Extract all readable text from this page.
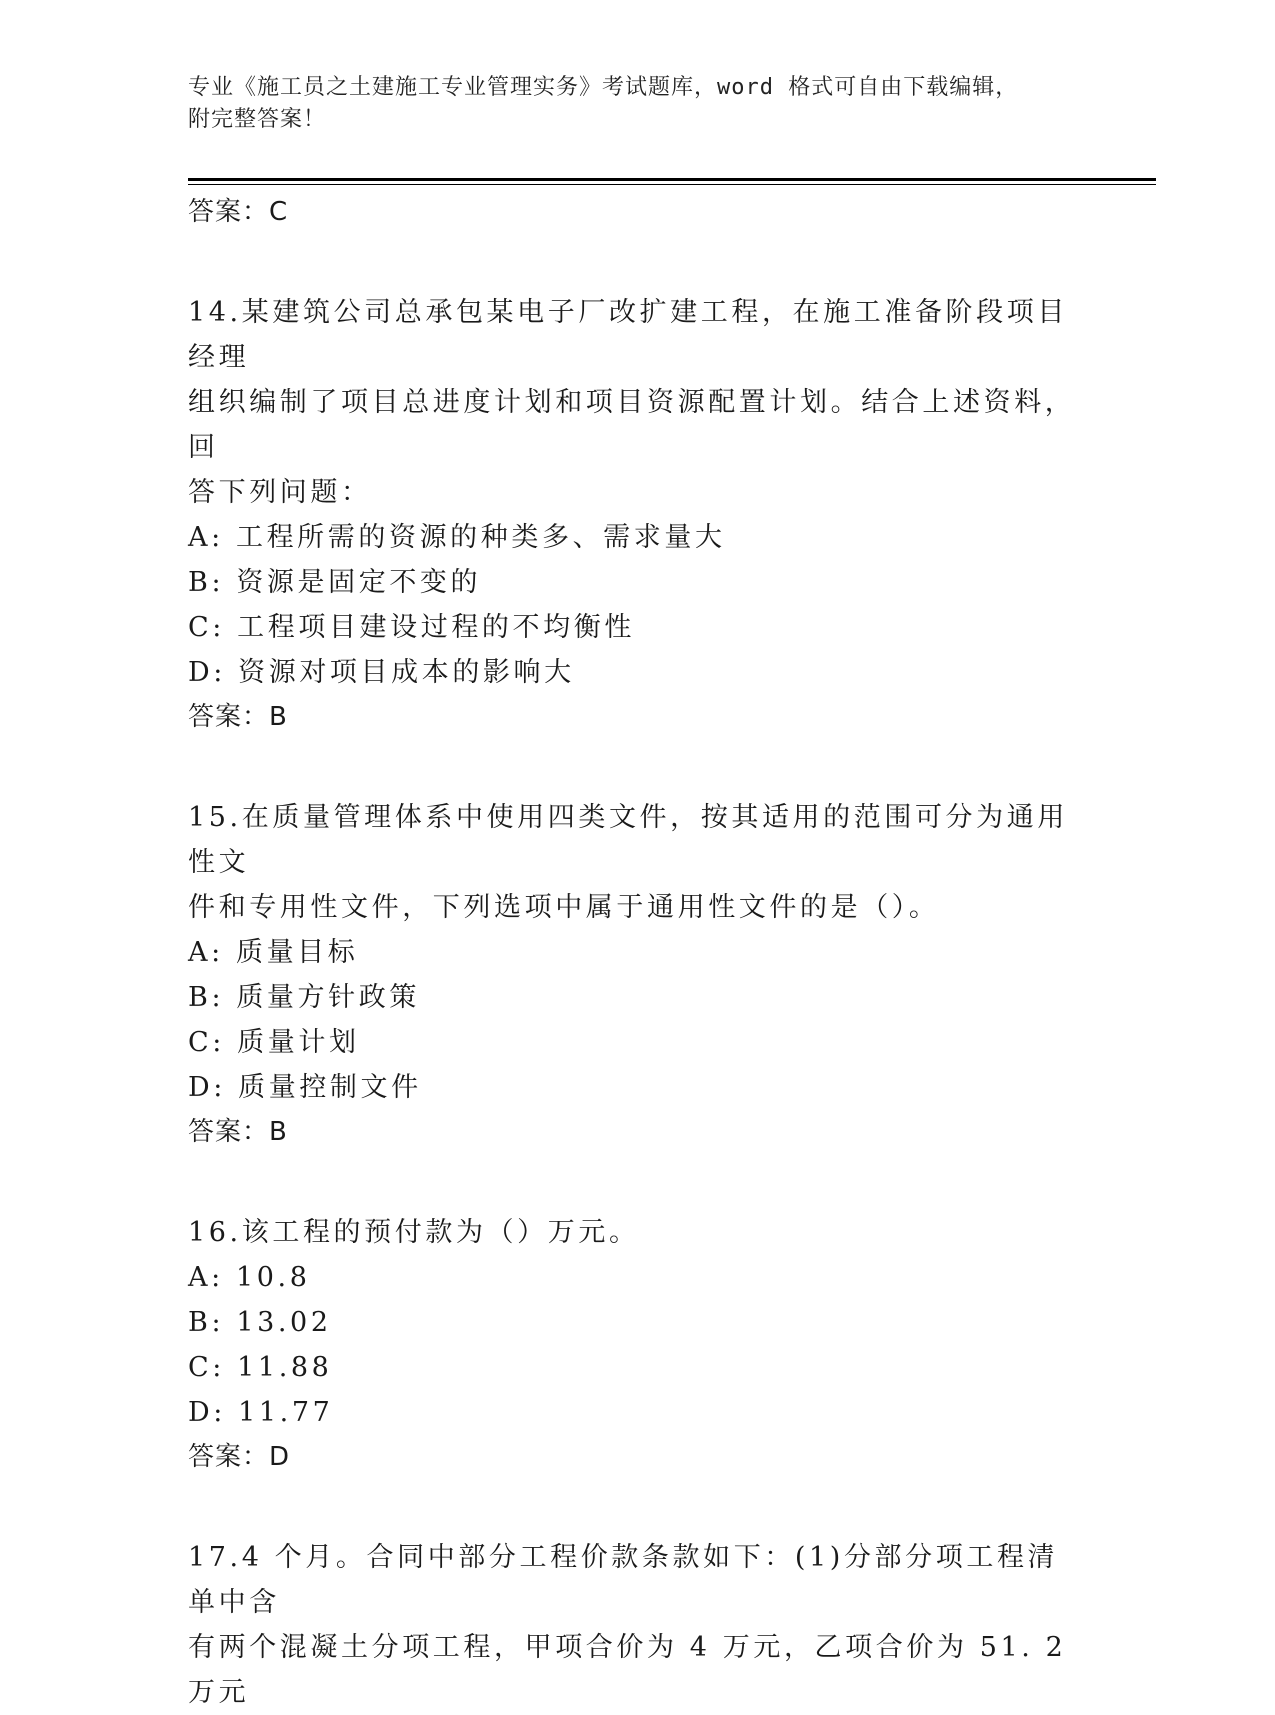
专业《施工员之土建施工专业管理实务》考试题库，word 格式可自由下载编辑，
附完整答案！
答案：C
14.某建筑公司总承包某电子厂改扩建工程，在施工准备阶段项目经理
组织编制了项目总进度计划和项目资源配置计划。结合上述资料，回
答下列问题：
A: 工程所需的资源的种类多、需求量大
B: 资源是固定不变的
C: 工程项目建设过程的不均衡性
D: 资源对项目成本的影响大
答案：B
15.在质量管理体系中使用四类文件，按其适用的范围可分为通用性文
件和专用性文件，下列选项中属于通用性文件的是（）。
A: 质量目标
B: 质量方针政策
C: 质量计划
D: 质量控制文件
答案：B
16.该工程的预付款为（）万元。
A: 10.8
B: 13.02
C: 11.88
D: 11.77
答案：D
17.4 个月。合同中部分工程价款条款如下：(1)分部分项工程清单中含
有两个混凝土分项工程，甲项合价为 4 万元，乙项合价为 51. 2 万元
